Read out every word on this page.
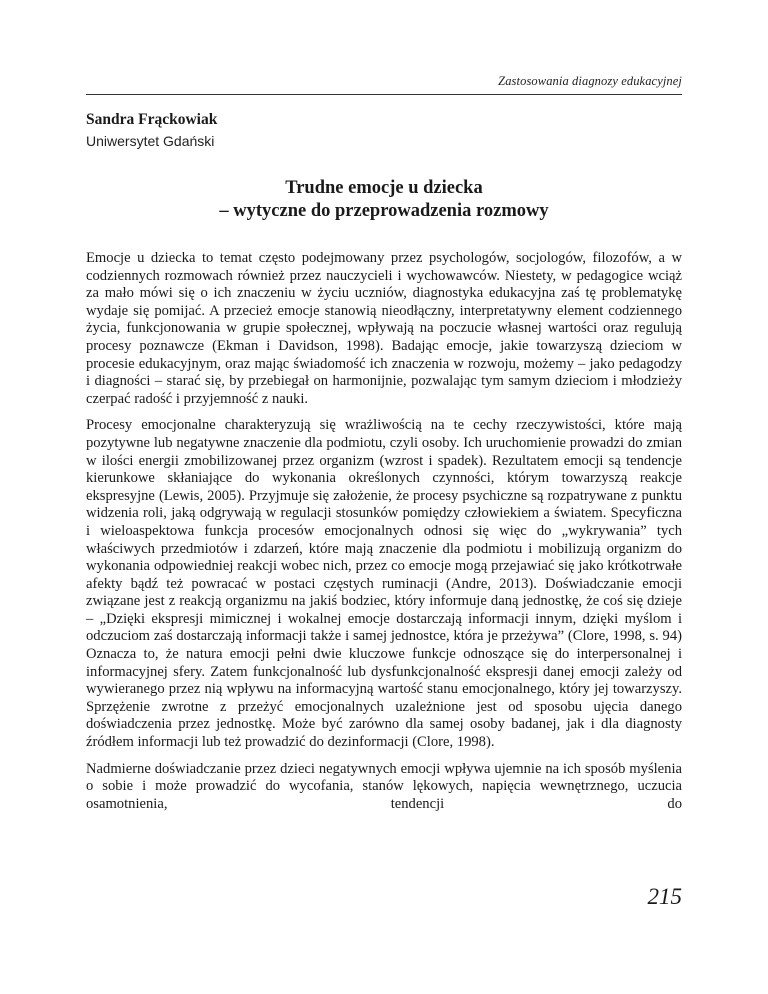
Zastosowania diagnozy edukacyjnej
Sandra Frąckowiak
Uniwersytet Gdański
Trudne emocje u dziecka
– wytyczne do przeprowadzenia rozmowy

Emocje u dziecka to temat często podejmowany przez psychologów, socjologów, filozofów, a w codziennych rozmowach również przez nauczycieli i wychowawców. Niestety, w pedagogice wciąż za mało mówi się o ich znaczeniu w życiu uczniów, diagnostyka edukacyjna zaś tę problematykę wydaje się pomijać. A przecież emocje stanowią nieodłączny, interpretatywny element codziennego życia, funkcjonowania w grupie społecznej, wpływają na poczucie własnej wartości oraz regulują procesy poznawcze (Ekman i Davidson, 1998). Badając emocje, jakie towarzyszą dzieciom w procesie edukacyjnym, oraz mając świadomość ich znaczenia w rozwoju, możemy – jako pedagodzy i diagności – starać się, by przebiegał on harmonijnie, pozwalając tym samym dzieciom i młodzieży czerpać radość i przyjemność z nauki.

Procesy emocjonalne charakteryzują się wrażliwością na te cechy rzeczywistości, które mają pozytywne lub negatywne znaczenie dla podmiotu, czyli osoby. Ich uruchomienie prowadzi do zmian w ilości energii zmobilizowanej przez organizm (wzrost i spadek). Rezultatem emocji są tendencje kierunkowe skłaniające do wykonania określonych czynności, którym towarzyszą reakcje ekspresyjne (Lewis, 2005). Przyjmuje się założenie, że procesy psychiczne są rozpatrywane z punktu widzenia roli, jaką odgrywają w regulacji stosunków pomiędzy człowiekiem a światem. Specyficzna i wieloaspektowa funkcja procesów emocjonalnych odnosi się więc do „wykrywania” tych właściwych przedmiotów i zdarzeń, które mają znaczenie dla podmiotu i mobilizują organizm do wykonania odpowiedniej reakcji wobec nich, przez co emocje mogą przejawiać się jako krótkotrwałe afekty bądź też powracać w postaci częstych ruminacji (Andre, 2013). Doświadczanie emocji związane jest z reakcją organizmu na jakiś bodziec, który informuje daną jednostkę, że coś się dzieje – „Dzięki ekspresji mimicznej i wokalnej emocje dostarczają informacji innym, dzięki myślom i odczuciom zaś dostarczają informacji także i samej jednostce, która je przeżywa” (Clore, 1998, s. 94) Oznacza to, że natura emocji pełni dwie kluczowe funkcje odnoszące się do interpersonalnej i informacyjnej sfery. Zatem funkcjonalność lub dysfunkcjonalność ekspresji danej emocji zależy od wywieranego przez nią wpływu na informacyjną wartość stanu emocjonalnego, który jej towarzyszy. Sprzężenie zwrotne z przeżyć emocjonalnych uzależnione jest od sposobu ujęcia danego doświadczenia przez jednostkę. Może być zarówno dla samej osoby badanej, jak i dla diagnosty źródłem informacji lub też prowadzić do dezinformacji (Clore, 1998).

Nadmierne doświadczanie przez dzieci negatywnych emocji wpływa ujemnie na ich sposób myślenia o sobie i może prowadzić do wycofania, stanów lękowych, napięcia wewnętrznego, uczucia osamotnienia, tendencji do

215
